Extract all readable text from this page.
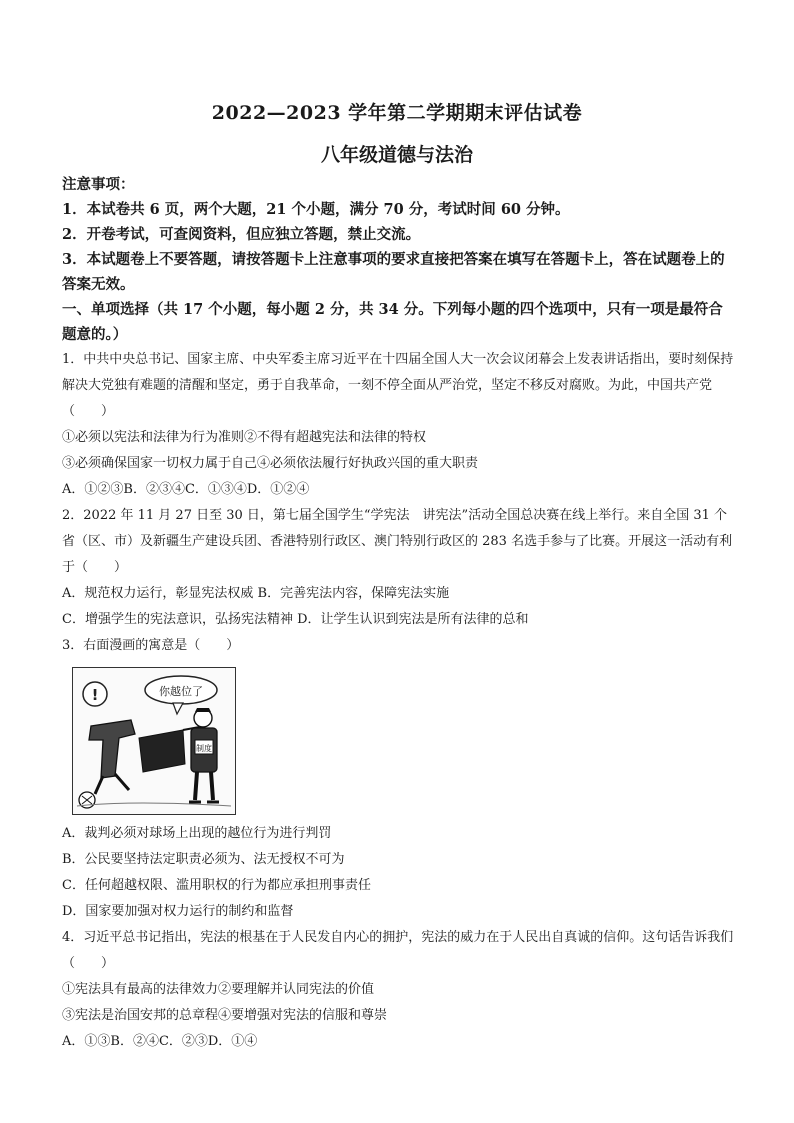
2022—2023 学年第二学期期末评估试卷
八年级道德与法治
注意事项：
1．本试卷共 6 页，两个大题，21 个小题，满分 70 分，考试时间 60 分钟。
2．开卷考试，可查阅资料，但应独立答题，禁止交流。
3．本试题卷上不要答题，请按答题卡上注意事项的要求直接把答案在填写在答题卡上，答在试题卷上的答案无效。
一、单项选择（共 17 个小题，每小题 2 分，共 34 分。下列每小题的四个选项中，只有一项是最符合题意的。）
1．中共中央总书记、国家主席、中央军委主席习近平在十四届全国人大一次会议闭幕会上发表讲话指出，要时刻保持解决大党独有难题的清醒和坚定，勇于自我革命，一刻不停全面从严治党，坚定不移反对腐败。为此，中国共产党（　　）
①必须以宪法和法律为行为准则②不得有超越宪法和法律的特权
③必须确保国家一切权力属于自己④必须依法履行好执政兴国的重大职责
A．①②③B．②③④C．①③④D．①②④
2．2022 年 11 月 27 日至 30 日，第七届全国学生“学宪法　讲宪法”活动全国总决赛在线上举行。来自全国 31 个省（区、市）及新疆生产建设兵团、香港特别行政区、澳门特别行政区的 283 名选手参与了比赛。开展这一活动有利于（　　）
A．规范权力运行，彰显宪法权威 B．完善宪法内容，保障宪法实施
C．增强学生的宪法意识，弘扬宪法精神 D．让学生认识到宪法是所有法律的总和
3．右面漫画的寓意是（　　）
你越位了
!
制度
A．裁判必须对球场上出现的越位行为进行判罚
B．公民要坚持法定职责必须为、法无授权不可为
C．任何超越权限、滥用职权的行为都应承担刑事责任
D．国家要加强对权力运行的制约和监督
4．习近平总书记指出，宪法的根基在于人民发自内心的拥护，宪法的威力在于人民出自真诚的信仰。这句话告诉我们（　　）
①宪法具有最高的法律效力②要理解并认同宪法的价值
③宪法是治国安邦的总章程④要增强对宪法的信服和尊崇
A．①③B．②④C．②③D．①④
